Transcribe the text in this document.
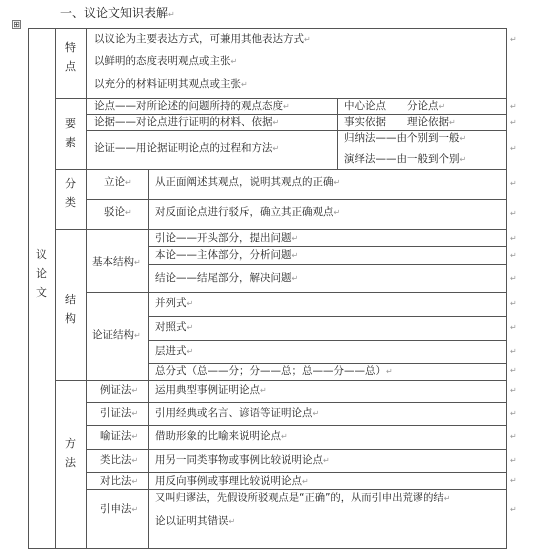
一、议论文知识表解↵
⊞
议
论
文
特
点
要
素
分
类
结
构
方
法
以议论为主要表达方式，可兼用其他表达方式↵
以鲜明的态度表明观点或主张↵
以充分的材料证明其观点或主张↵
论点——对所论述的问题所持的观点态度↵	中心论点　　分论点↵
论据——对论点进行证明的材料、依据↵	事实依据　　理论依据↵
论证——用论据证明论点的过程和方法↵
归纳法——由个别到一般↵
演绎法——由一般到个别↵
立论↵ 从正面阐述其观点，说明其观点的正确↵
驳论↵ 对反面论点进行驳斥，确立其正确观点↵
基本结构↵
引论——开头部分，提出问题↵
本论——主体部分，分析问题↵
结论——结尾部分，解决问题↵
论证结构↵
并列式↵
对照式↵
层进式↵
总分式（总——分；分——总；总——分——总）↵
例证法↵ 运用典型事例证明论点↵
引证法↵ 引用经典或名言、谚语等证明论点↵
喻证法↵ 借助形象的比喻来说明论点↵
类比法↵ 用另一同类事物或事例比较说明论点↵
对比法↵ 用反向事例或事理比较说明论点↵
引申法↵
又叫归谬法，先假设所驳观点是“正确”的，从而引申出荒谬的结↵
论以证明其错误↵
↵
↵
↵
↵
↵
↵
↵
↵
↵
↵
↵
↵
↵
↵
↵
↵
↵
↵
↵
